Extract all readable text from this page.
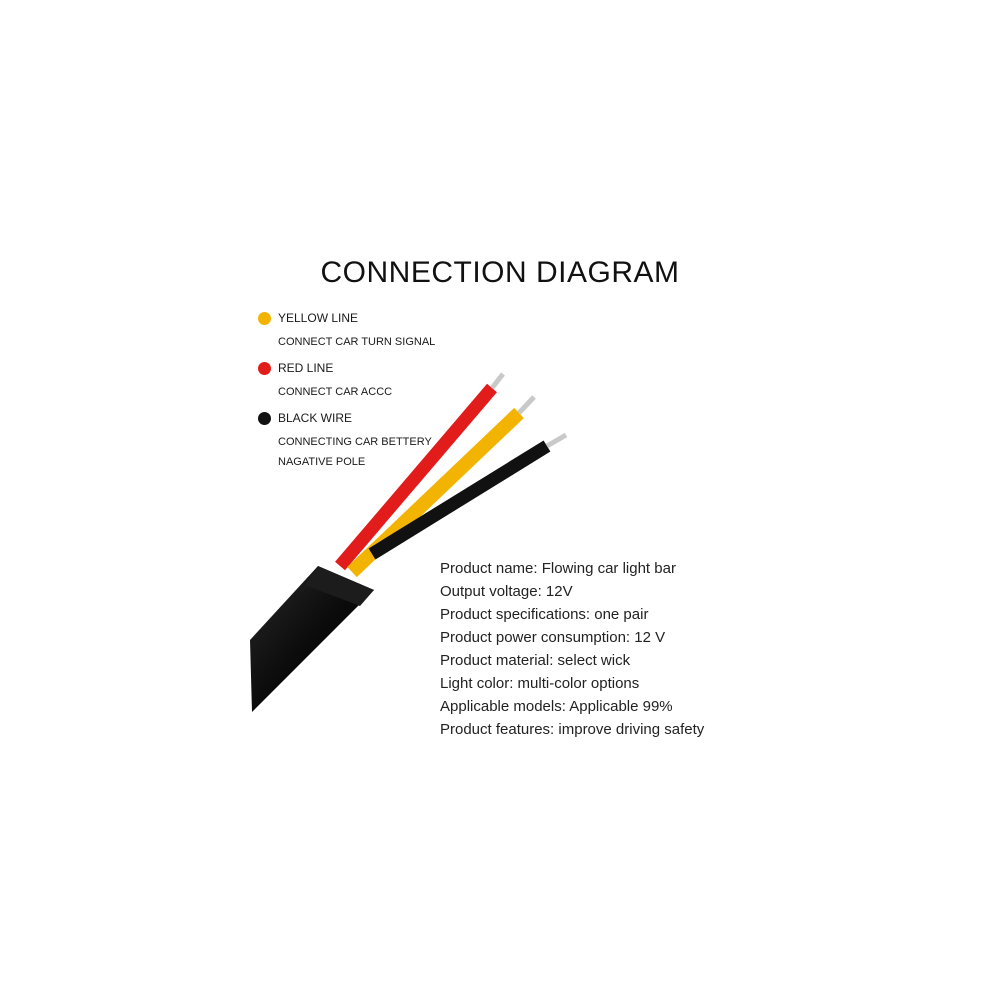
CONNECTION DIAGRAM
YELLOW LINE
CONNECT CAR TURN SIGNAL
RED LINE
CONNECT CAR ACCC
BLACK WIRE
CONNECTING CAR BETTERY
NAGATIVE POLE
Product name: Flowing car light bar
Output voltage: 12V
Product specifications: one pair
Product power consumption: 12 V
Product material: select wick
Light color: multi-color options
Applicable models: Applicable 99%
Product features: improve driving safety
